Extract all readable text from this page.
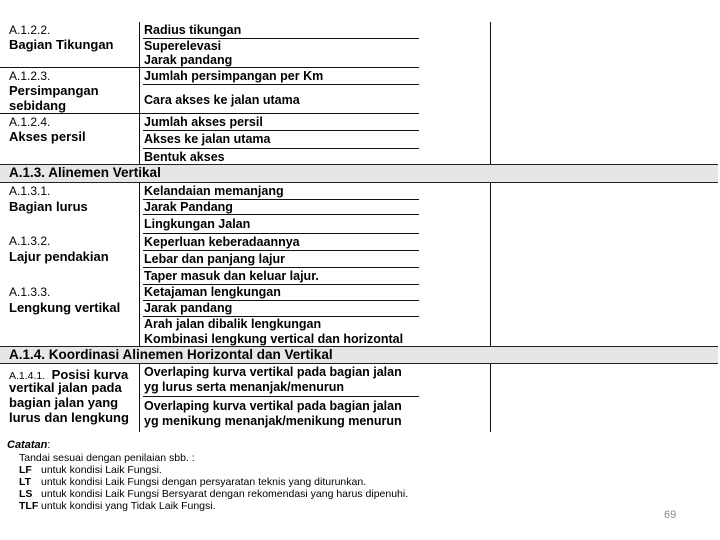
A.1.2.2.
Bagian Tikungan
Radius tikungan
Superelevasi
Jarak pandang
A.1.2.3.
Persimpangan
sebidang
Jumlah persimpangan per Km
Cara akses ke jalan utama
A.1.2.4.
Akses persil
Jumlah akses persil
Akses ke jalan utama
Bentuk akses
A.1.3. Alinemen Vertikal
A.1.3.1.
Bagian lurus
Kelandaian memanjang
Jarak Pandang
Lingkungan Jalan
A.1.3.2.
Lajur pendakian
Keperluan keberadaannya
Lebar dan panjang lajur
Taper masuk dan keluar lajur.
A.1.3.3.
Lengkung vertikal
Ketajaman lengkungan
Jarak pandang
Arah jalan dibalik lengkungan
Kombinasi lengkung vertical dan horizontal
A.1.4. Koordinasi Alinemen Horizontal dan Vertikal
A.1.4.1. Posisi kurva
vertikal jalan pada
bagian jalan yang
lurus dan lengkung
Overlaping kurva vertikal pada bagian jalan
yg lurus serta menanjak/menurun
Overlaping kurva vertikal pada bagian jalan
yg menikung menanjak/menikung menurun
Catatan:
Tandai sesuai dengan penilaian sbb. :
LF untuk kondisi Laik Fungsi.
LT untuk kondisi Laik Fungsi dengan persyaratan teknis yang diturunkan.
LS untuk kondisi Laik Fungsi Bersyarat dengan rekomendasi yang harus dipenuhi.
TLF untuk kondisi yang Tidak Laik Fungsi.
69
